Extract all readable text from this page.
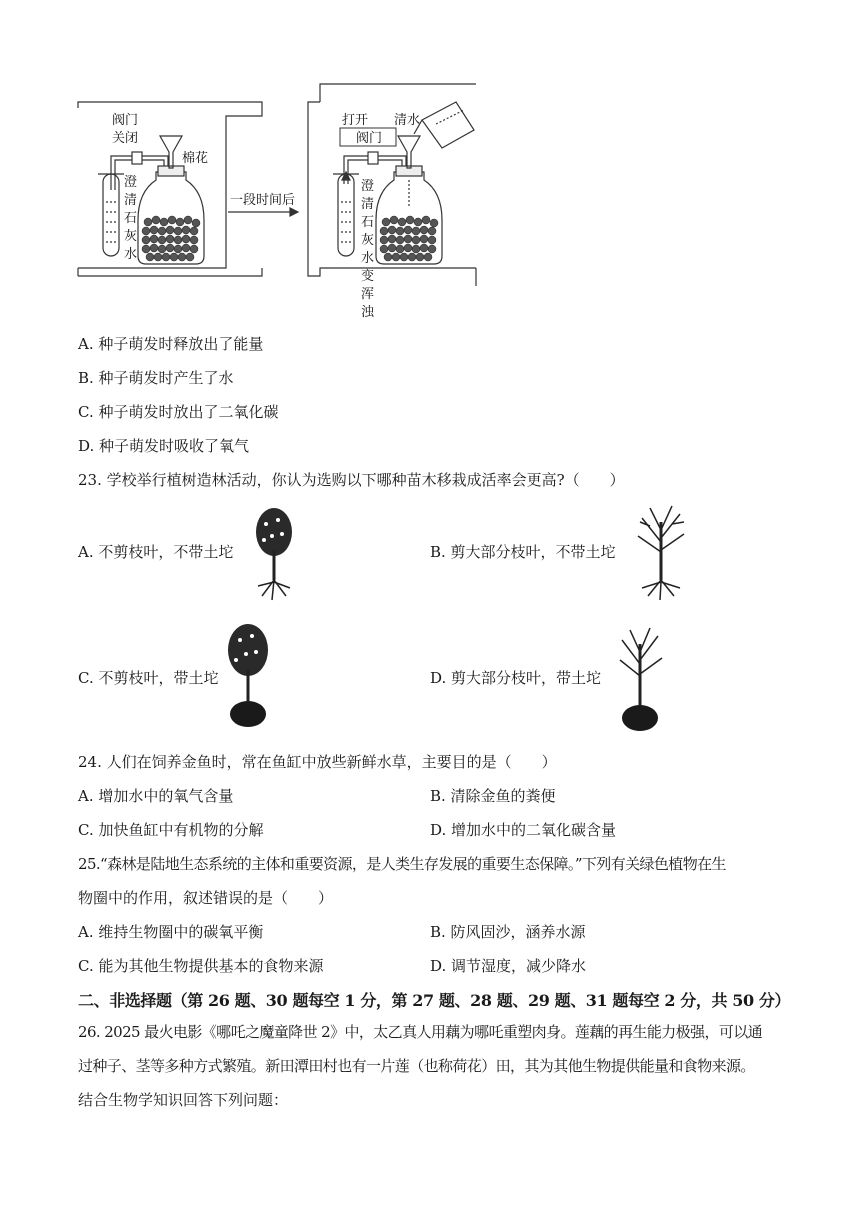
阀门
关闭
棉花
澄
清
石
灰
水
一段时间后
打开
阀门
清水
澄
清
石
灰
水
变
浑
浊
A. 种子萌发时释放出了能量
B. 种子萌发时产生了水
C. 种子萌发时放出了二氧化碳
D. 种子萌发时吸收了氧气
23. 学校举行植树造林活动，你认为选购以下哪种苗木移栽成活率会更高?（　　）
A. 不剪枝叶，不带土坨	B. 剪大部分枝叶，不带土坨
C. 不剪枝叶，带土坨	D. 剪大部分枝叶，带土坨
24. 人们在饲养金鱼时，常在鱼缸中放些新鲜水草，主要目的是（　　）
A. 增加水中的氧气含量	B. 清除金鱼的粪便
C. 加快鱼缸中有机物的分解	D. 增加水中的二氧化碳含量
25.“森林是陆地生态系统的主体和重要资源，是人类生存发展的重要生态保障。”下列有关绿色植物在生
物圈中的作用，叙述错误的是（　　）
A. 维持生物圈中的碳氧平衡	B. 防风固沙，涵养水源
C. 能为其他生物提供基本的食物来源	D. 调节湿度，减少降水
二、非选择题（第 26 题、30 题每空 1 分，第 27 题、28 题、29 题、31 题每空 2 分，共 50 分）
26. 2025 最火电影《哪吒之魔童降世 2》中，太乙真人用藕为哪吒重塑肉身。莲藕的再生能力极强，可以通
过种子、茎等多种方式繁殖。新田潭田村也有一片莲（也称荷花）田，其为其他生物提供能量和食物来源。
结合生物学知识回答下列问题：
